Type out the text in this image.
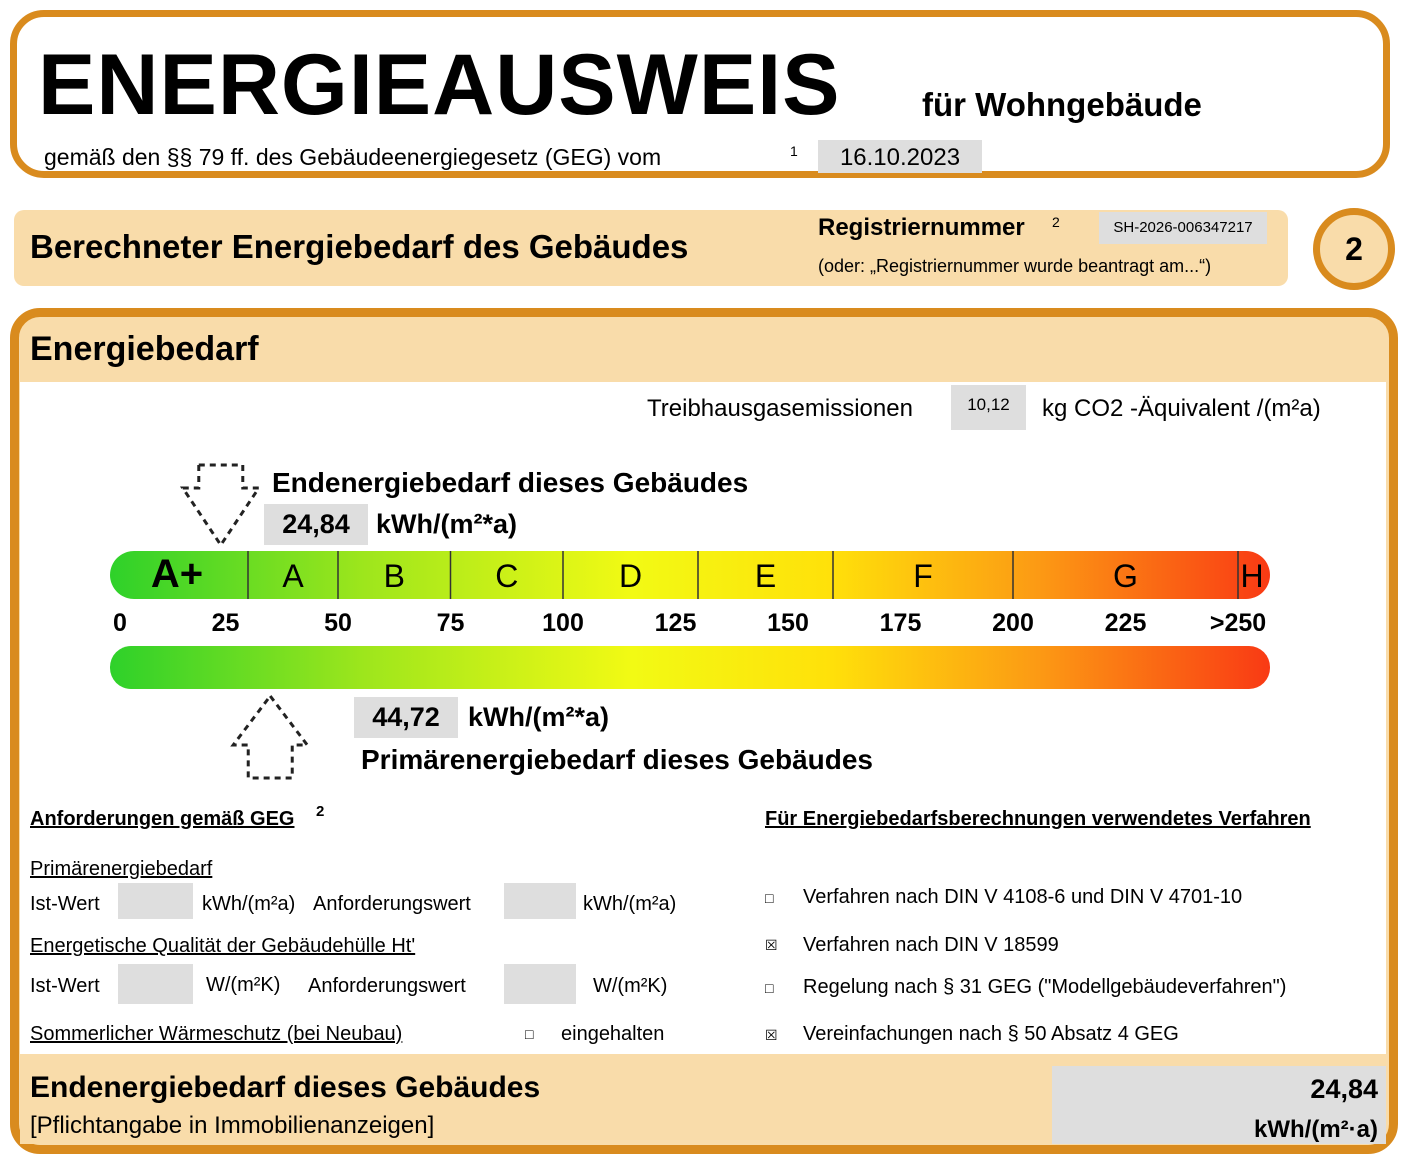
ENERGIEAUSWEIS für Wohngebäude
gemäß den §§ 79 ff. des Gebäudeenergiegesetz (GEG) vom	1	16.10.2023
Berechneter Energiebedarf des Gebäudes
Registriernummer 2	SH-2026-006347217
(oder: „Registriernummer wurde beantragt am...“)	2
Energiebedarf
Treibhausgasemissionen	10,12	kg CO2 -Äquivalent /(m²a)
Endenergiebedarf dieses Gebäudes
24,84 kWh/(m²*a)
A+ A B	C	D	E	F	G	H
0	25	50	75	100	125	150	175	200	225	>250
44,72	kWh/(m²*a)
Primärenergiebedarf dieses Gebäudes
Anforderungen gemäß GEG 2
Primärenergiebedarf
Ist-Wert	kWh/(m²a) Anforderungswert	kWh/(m²a)
Energetische Qualität der Gebäudehülle Ht'
Ist-Wert	W/(m²K) Anforderungswert	W/(m²K)
Sommerlicher Wärmeschutz (bei Neubau)	□ eingehalten
Für Energiebedarfsberechnungen verwendetes Verfahren
□ Verfahren nach DIN V 4108-6 und DIN V 4701-10
☒ Verfahren nach DIN V 18599
□ Regelung nach § 31 GEG ("Modellgebäudeverfahren")
☒ Vereinfachungen nach § 50 Absatz 4 GEG
Endenergiebedarf dieses Gebäudes
[Pflichtangabe in Immobilienanzeigen]
24,84
kWh/(m²·a)
